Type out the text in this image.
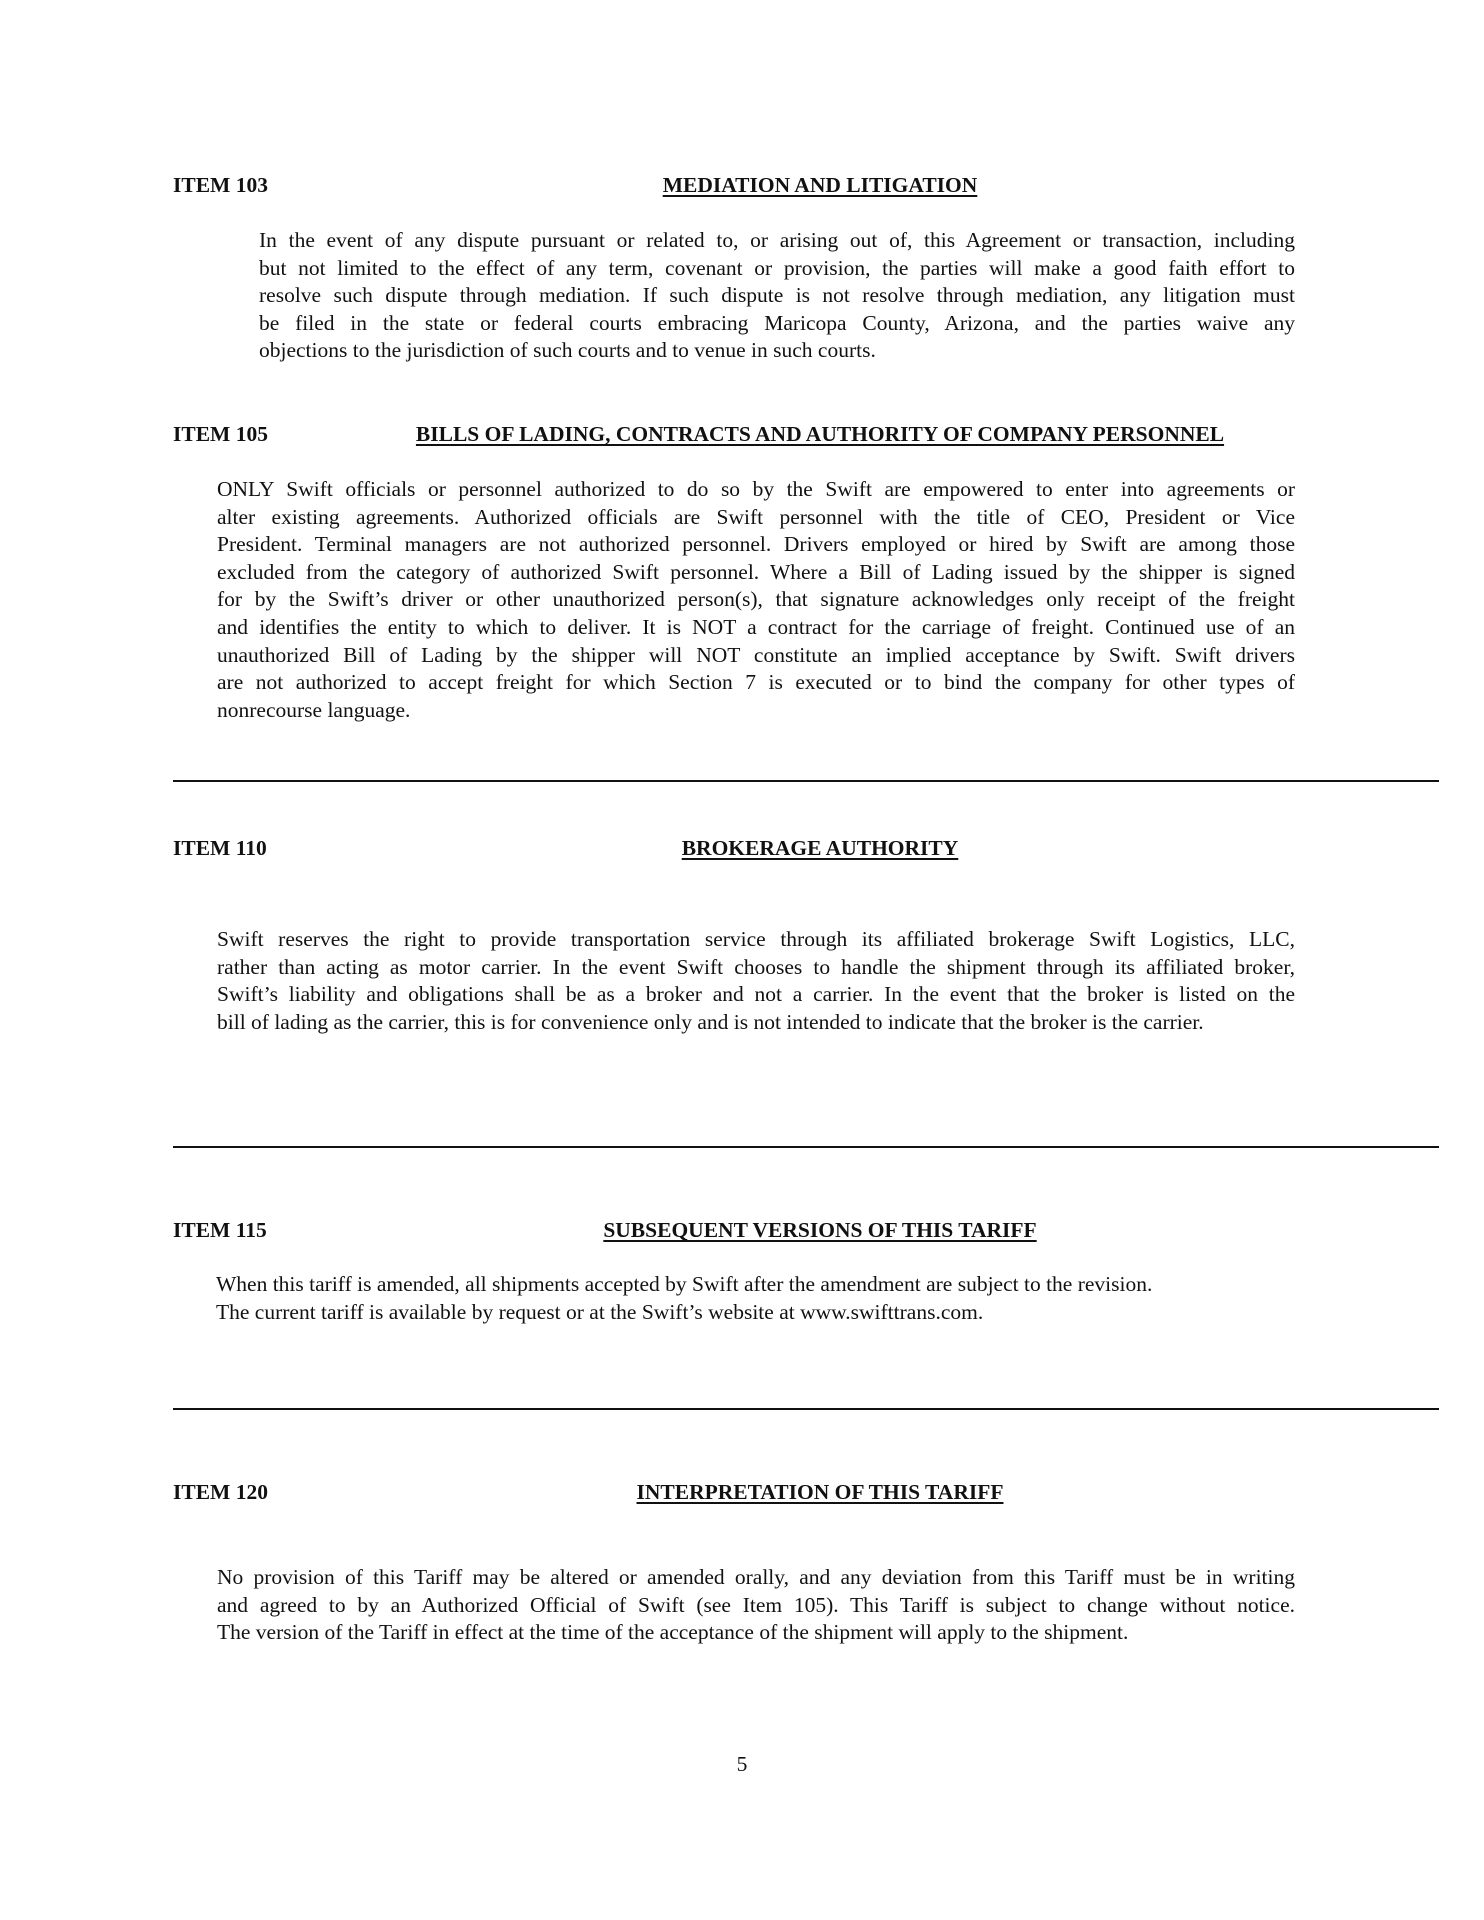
ITEM 103	MEDIATION AND LITIGATION
In the event of any dispute pursuant or related to, or arising out of, this Agreement or transaction, including
but not limited to the effect of any term, covenant or provision, the parties will make a good faith effort to
resolve such dispute through mediation. If such dispute is not resolve through mediation, any litigation must
be filed in the state or federal courts embracing Maricopa County, Arizona, and the parties waive any
objections to the jurisdiction of such courts and to venue in such courts.
ITEM 105	BILLS OF LADING, CONTRACTS AND AUTHORITY OF COMPANY PERSONNEL
ONLY Swift officials or personnel authorized to do so by the Swift are empowered to enter into agreements or
alter existing agreements. Authorized officials are Swift personnel with the title of CEO, President or Vice
President. Terminal managers are not authorized personnel. Drivers employed or hired by Swift are among those
excluded from the category of authorized Swift personnel. Where a Bill of Lading issued by the shipper is signed
for by the Swift’s driver or other unauthorized person(s), that signature acknowledges only receipt of the freight
and identifies the entity to which to deliver. It is NOT a contract for the carriage of freight. Continued use of an
unauthorized Bill of Lading by the shipper will NOT constitute an implied acceptance by Swift. Swift drivers
are not authorized to accept freight for which Section 7 is executed or to bind the company for other types of
nonrecourse language.
ITEM 110	BROKERAGE AUTHORITY
Swift reserves the right to provide transportation service through its affiliated brokerage Swift Logistics, LLC,
rather than acting as motor carrier. In the event Swift chooses to handle the shipment through its affiliated broker,
Swift’s liability and obligations shall be as a broker and not a carrier. In the event that the broker is listed on the
bill of lading as the carrier, this is for convenience only and is not intended to indicate that the broker is the carrier.
ITEM 115	SUBSEQUENT VERSIONS OF THIS TARIFF
When this tariff is amended, all shipments accepted by Swift after the amendment are subject to the revision.
The current tariff is available by request or at the Swift’s website at www.swifttrans.com.
ITEM 120	INTERPRETATION OF THIS TARIFF
No provision of this Tariff may be altered or amended orally, and any deviation from this Tariff must be in writing
and agreed to by an Authorized Official of Swift (see Item 105). This Tariff is subject to change without notice.
The version of the Tariff in effect at the time of the acceptance of the shipment will apply to the shipment.
5
